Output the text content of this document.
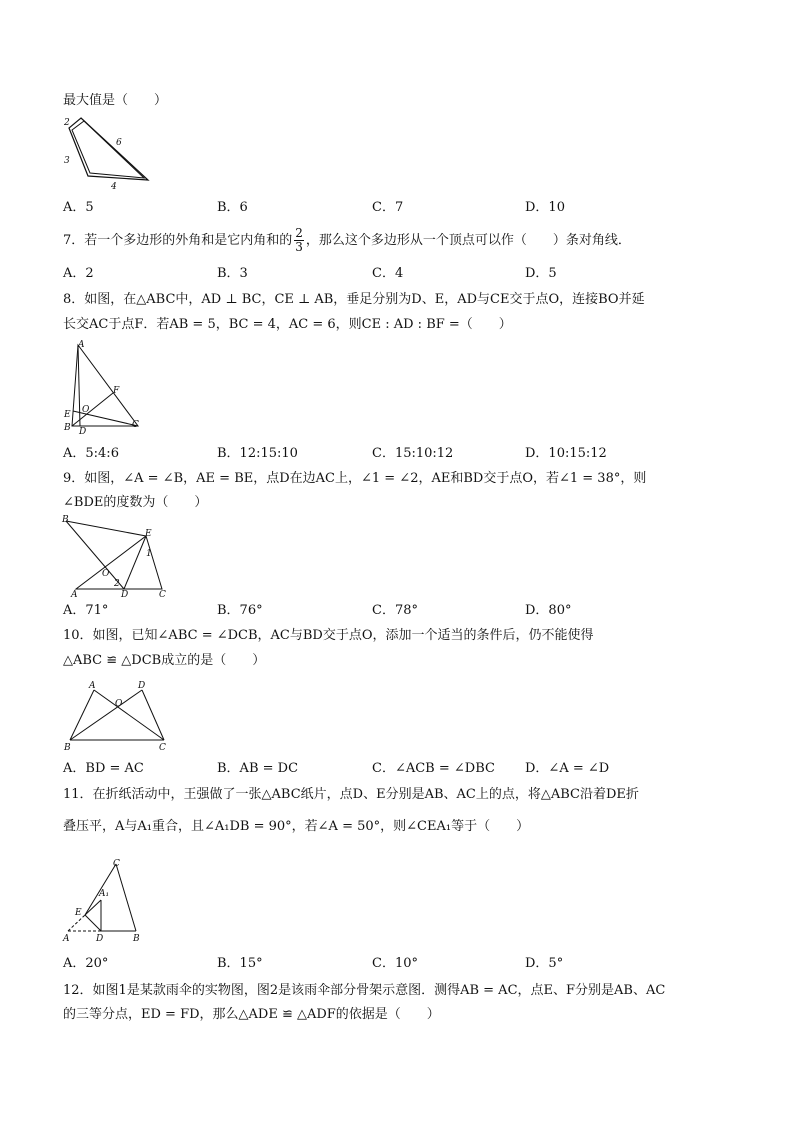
最大值是（　　）
2
6
3
4
A．5	B．6	C．7	D．10
7．若一个多边形的外角和是它内角和的 $\frac{2}{3}$ ，那么这个多边形从一个顶点可以作（　　）条对角线．
A．2	B．3	C．4	D．5
8．如图，在△ABC中，AD ⊥ BC，CE ⊥ AB，垂足分别为D、E，AD与CE交于点O，连接BO并延
长交AC于点F．若AB = 5，BC = 4，AC = 6，则CE : AD : BF =（　　）
A
F
O
E
B D
C
A．5:4:6	B．12:15:10	C．15:10:12	D．10:15:12
9．如图，∠A = ∠B，AE = BE，点D在边AC上，∠1 = ∠2，AE和BD交于点O，若∠1 = 38°，则
∠BDE的度数为（　　）
B
E
1
O
2
A	D	C
A．71°	B．76°	C．78°	D．80°
10．如图，已知∠ABC = ∠DCB，AC与BD交于点O，添加一个适当的条件后，仍不能使得
△ABC ≌ △DCB成立的是（　　）
A
O
D
B	C
A．BD = AC	B．AB = DC	C．∠ACB = ∠DBC D．∠A = ∠D
11．在折纸活动中，王强做了一张△ABC纸片，点D、E分别是AB、AC上的点，将△ABC沿着DE折
叠压平，A与A₁重合，且∠A₁DB = 90°，若∠A = 50°，则∠CEA₁等于（　　）
C
A₁
E
A	D	B
A．20°	B．15°	C．10°	D．5°
12．如图1是某款雨伞的实物图，图2是该雨伞部分骨架示意图．测得AB = AC，点E、F分别是AB、AC
的三等分点，ED = FD，那么△ADE ≌ △ADF的依据是（　　）
